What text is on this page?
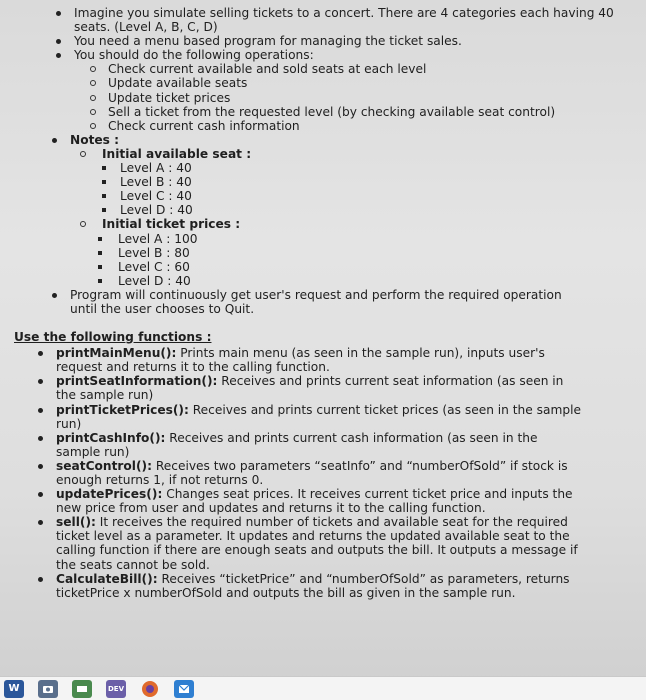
Imagine you simulate selling tickets to a concert. There are 4 categories each having 40 seats. (Level A, B, C, D)
You need a menu based program for managing the ticket sales.
You should do the following operations:
Check current available and sold seats at each level
Update available seats
Update ticket prices
Sell a ticket from the requested level (by checking available seat control)
Check current cash information
Notes :
Initial available seat :
Level A : 40
Level B : 40
Level C : 40
Level D : 40
Initial ticket prices :
Level A : 100
Level B : 80
Level C : 60
Level D : 40
Program will continuously get user's request and perform the required operation until the user chooses to Quit.
Use the following functions :
printMainMenu(): Prints main menu (as seen in the sample run), inputs user's request and returns it to the calling function.
printSeatInformation(): Receives and prints current seat information (as seen in the sample run)
printTicketPrices(): Receives and prints current ticket prices (as seen in the sample run)
printCashInfo(): Receives and prints current cash information (as seen in the sample run)
seatControl(): Receives two parameters “seatInfo” and “numberOfSold” if stock is enough returns 1, if not returns 0.
updatePrices(): Changes seat prices. It receives current ticket price and inputs the new price from user and updates and returns it to the calling function.
sell(): It receives the required number of tickets and available seat for the required ticket level as a parameter. It updates and returns the updated available seat to the calling function if there are enough seats and outputs the bill. It outputs a message if the seats cannot be sold.
CalculateBill(): Receives “ticketPrice” and “numberOfSold” as parameters, returns ticketPrice x numberOfSold and outputs the bill as given in the sample run.
W	DEV
